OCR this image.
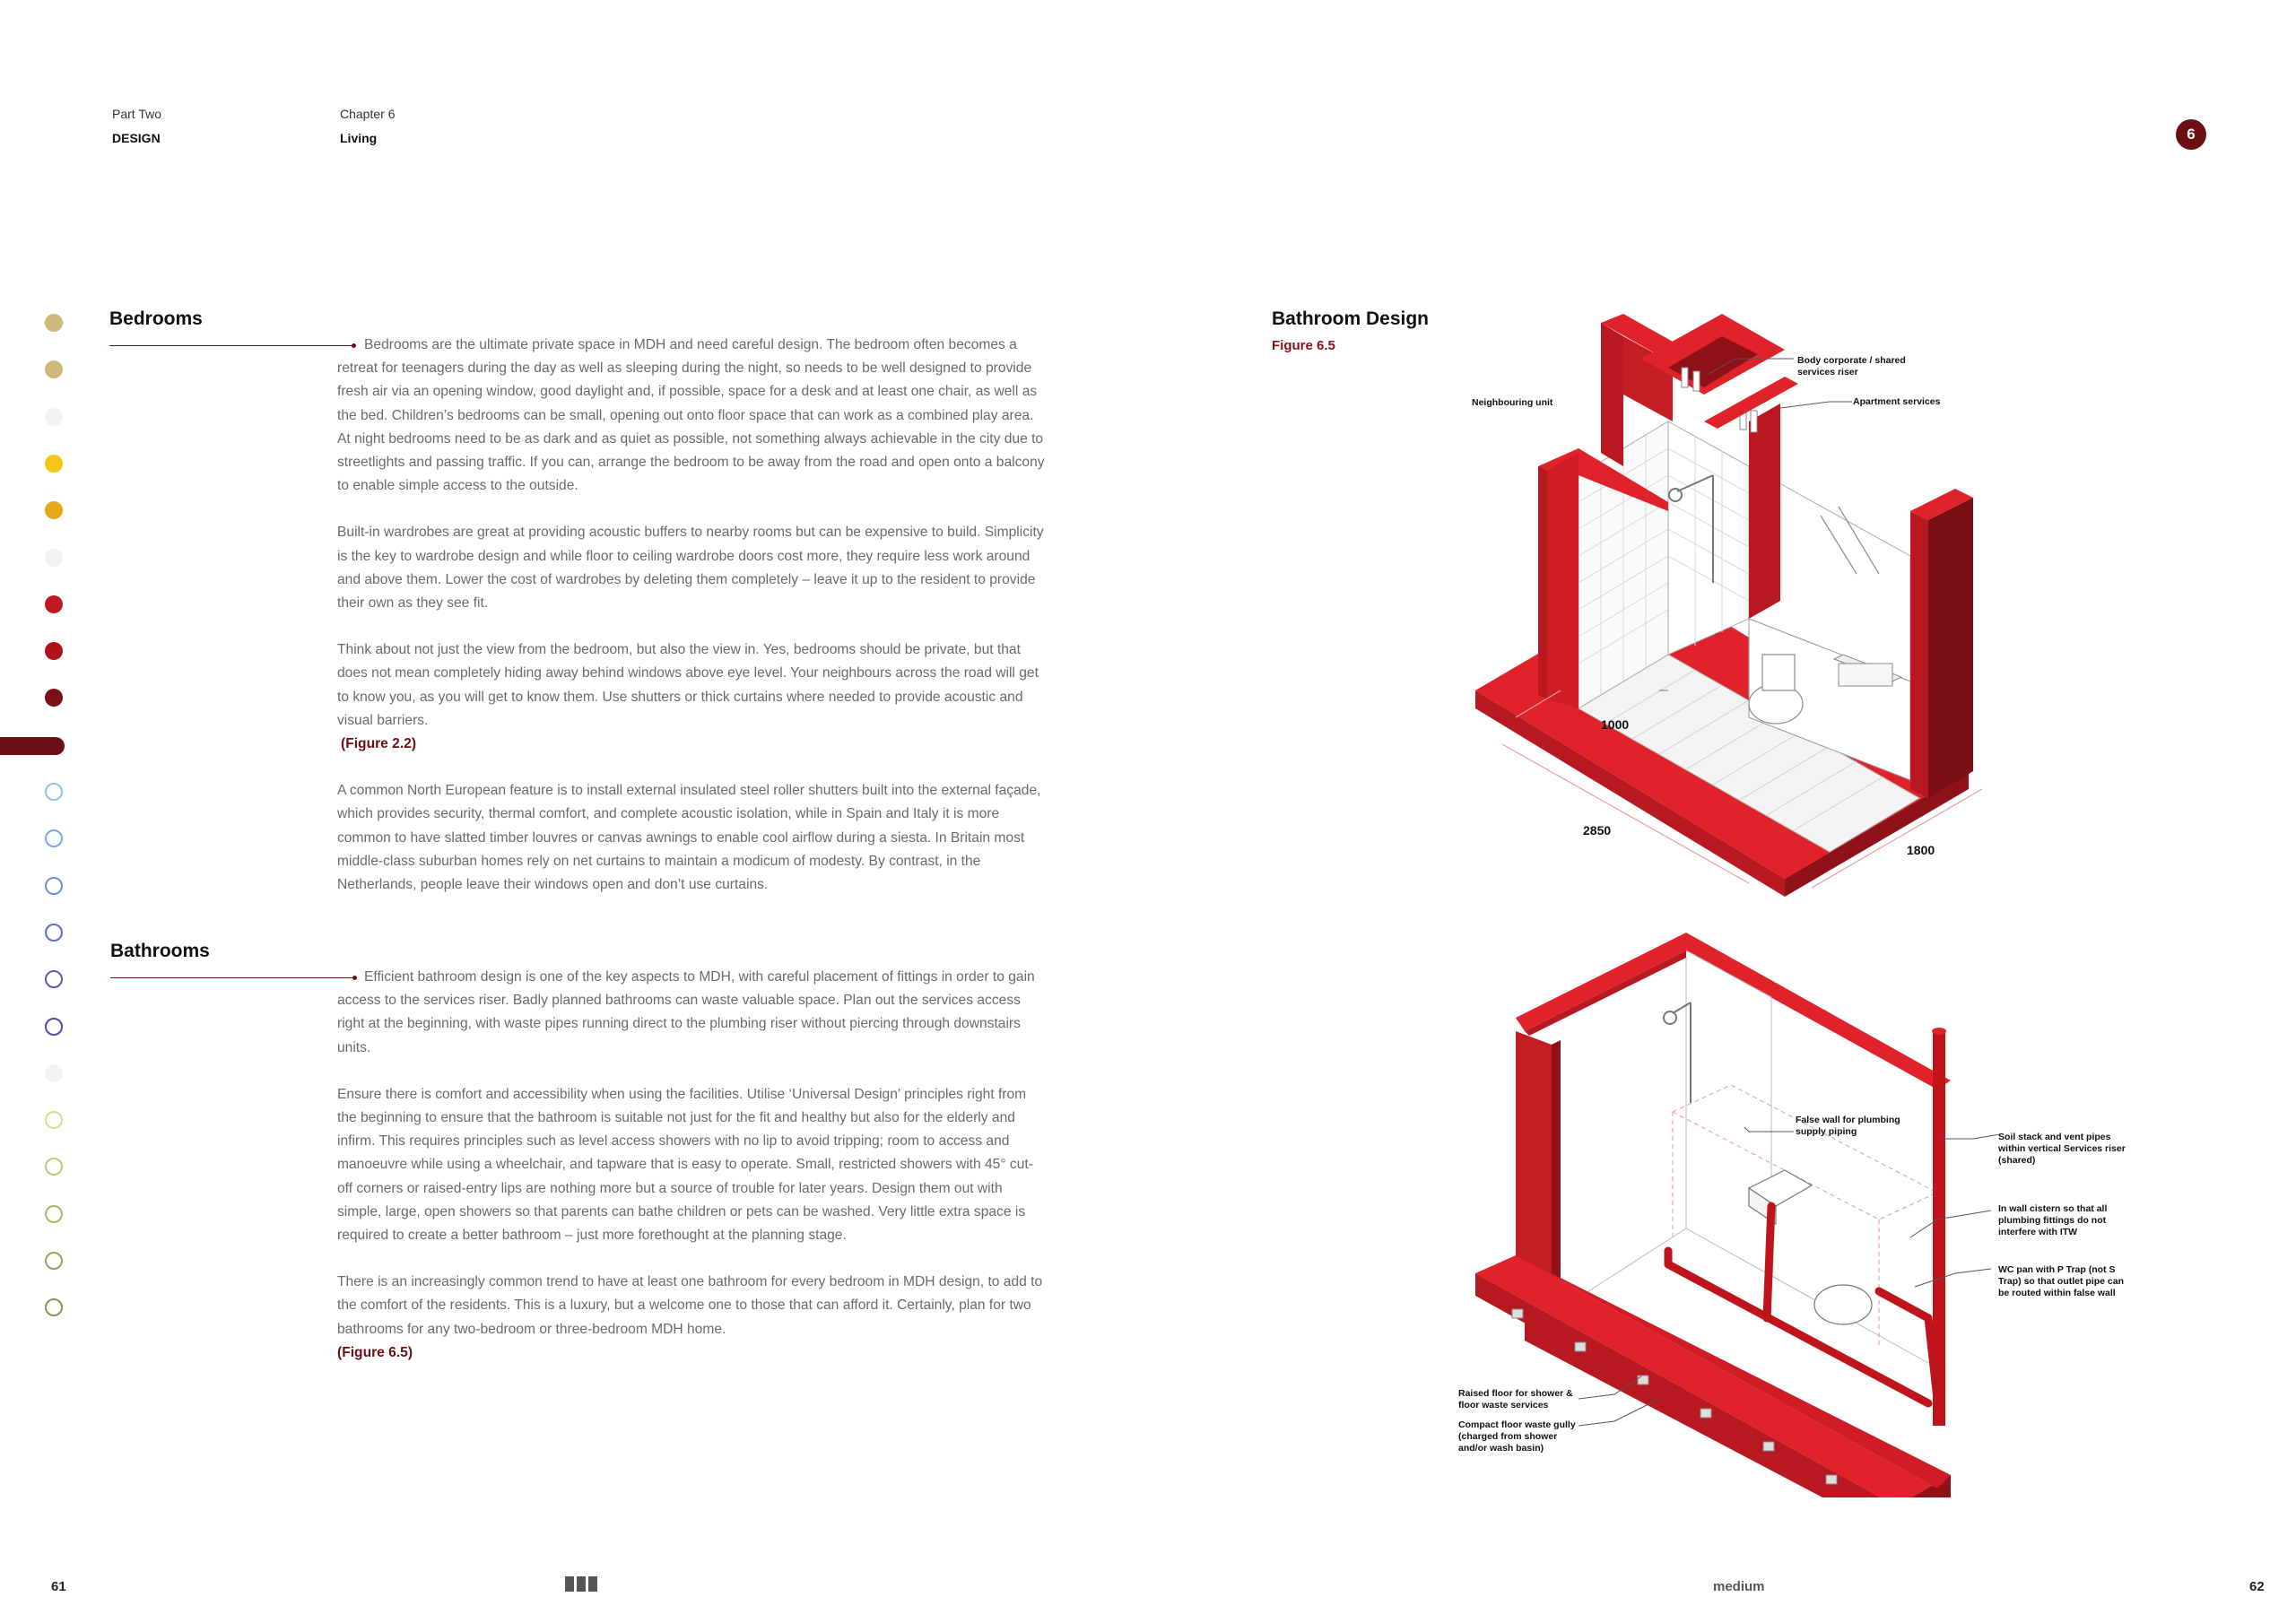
Part Two
DESIGN
Chapter 6
Living	6
Bedrooms

Bedrooms are the ultimate private space in MDH and need careful design. The bedroom often becomes a retreat for teenagers during the day as well as sleeping during the night, so needs to be well designed to provide fresh air via an opening window, good daylight and, if possible, space for a desk and at least one chair, as well as the bed. Children’s bedrooms can be small, opening out onto floor space that can work as a combined play area. At night bedrooms need to be as dark and as quiet as possible, not something always achievable in the city due to streetlights and passing traffic. If you can, arrange the bedroom to be away from the road and open onto a balcony to enable simple access to the outside.

Built-in wardrobes are great at providing acoustic buffers to nearby rooms but can be expensive to build. Simplicity is the key to wardrobe design and while floor to ceiling wardrobe doors cost more, they require less work around and above them. Lower the cost of wardrobes by deleting them completely – leave it up to the resident to provide their own as they see fit.

Think about not just the view from the bedroom, but also the view in. Yes, bedrooms should be private, but that does not mean completely hiding away behind windows above eye level. Your neighbours across the road will get to know you, as you will get to know them. Use shutters or thick curtains where needed to provide acoustic and visual barriers.

(Figure 2.2)

A common North European feature is to install external insulated steel roller shutters built into the external façade, which provides security, thermal comfort, and complete acoustic isolation, while in Spain and Italy it is more common to have slatted timber louvres or canvas awnings to enable cool airflow during a siesta. In Britain most middle-class suburban homes rely on net curtains to maintain a modicum of modesty. By contrast, in the Netherlands, people leave their windows open and don’t use curtains.

Bathrooms

Efficient bathroom design is one of the key aspects to MDH, with careful placement of fittings in order to gain access to the services riser. Badly planned bathrooms can waste valuable space. Plan out the services access right at the beginning, with waste pipes running direct to the plumbing riser without piercing through downstairs units.

Ensure there is comfort and accessibility when using the facilities. Utilise ‘Universal Design’ principles right from the beginning to ensure that the bathroom is suitable not just for the fit and healthy but also for the elderly and infirm. This requires principles such as level access showers with no lip to avoid tripping; room to access and manoeuvre while using a wheelchair, and tapware that is easy to operate. Small, restricted showers with 45° cut-off corners or raised-entry lips are nothing more but a source of trouble for later years. Design them out with simple, large, open showers so that parents can bathe children or pets can be washed. Very little extra space is required to create a better bathroom – just more forethought at the planning stage.

There is an increasingly common trend to have at least one bathroom for every bedroom in MDH design, to add to the comfort of the residents. This is a luxury, but a welcome one to those that can afford it. Certainly, plan for two bathrooms for any two-bedroom or three-bedroom MDH home.

(Figure 6.5)
Bathroom Design
Figure 6.5
Neighbouring unit
Body corporate / shared services riser
Apartment services
1000
2850
1800
False wall for plumbing supply piping	Soil stack and vent pipes within vertical Services riser (shared)
In wall cistern so that all plumbing fittings do not interfere with ITW
WC pan with P Trap (not S Trap) so that outlet pipe can be routed within false wall
Raised floor for shower & floor waste services
Compact floor waste gully (charged from shower and/or wash basin)
61	medium	62
